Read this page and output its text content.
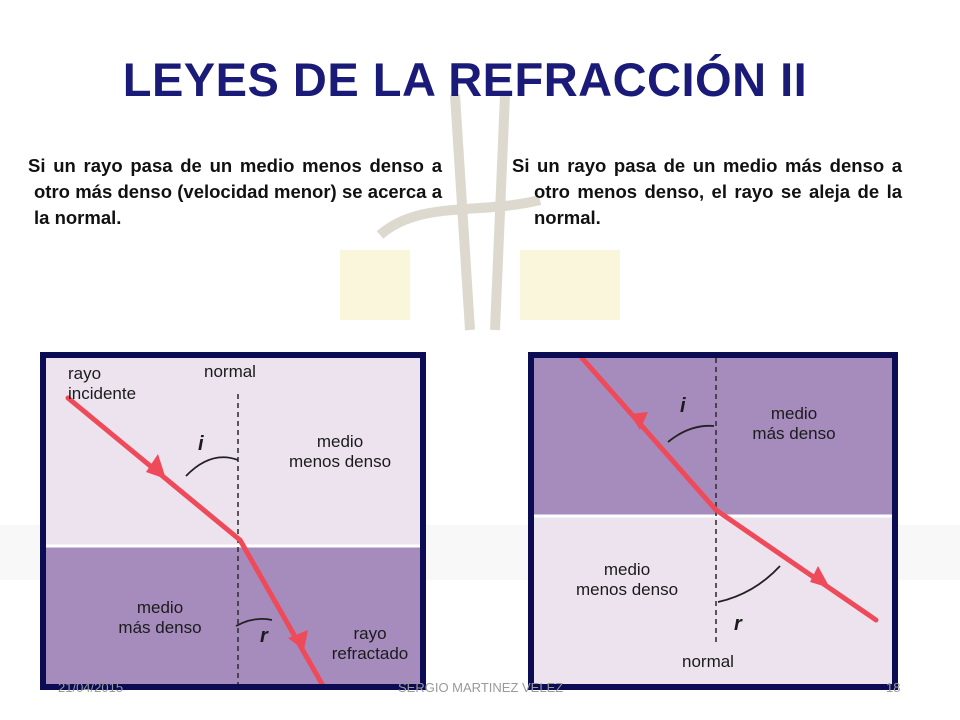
LEYES DE LA REFRACCIÓN II
Si un rayo pasa de un medio menos denso a otro más denso (velocidad menor) se acerca a la normal.
Si un rayo pasa de un medio más denso a otro menos denso, el rayo se aleja de la normal.
rayo
incidente
normal
i	medio
menos denso
medio
más denso	r	rayo
refractado
i	medio
más denso
medio
menos denso
r
normal
21/04/2015	SERGIO MARTINEZ VELEZ	18
